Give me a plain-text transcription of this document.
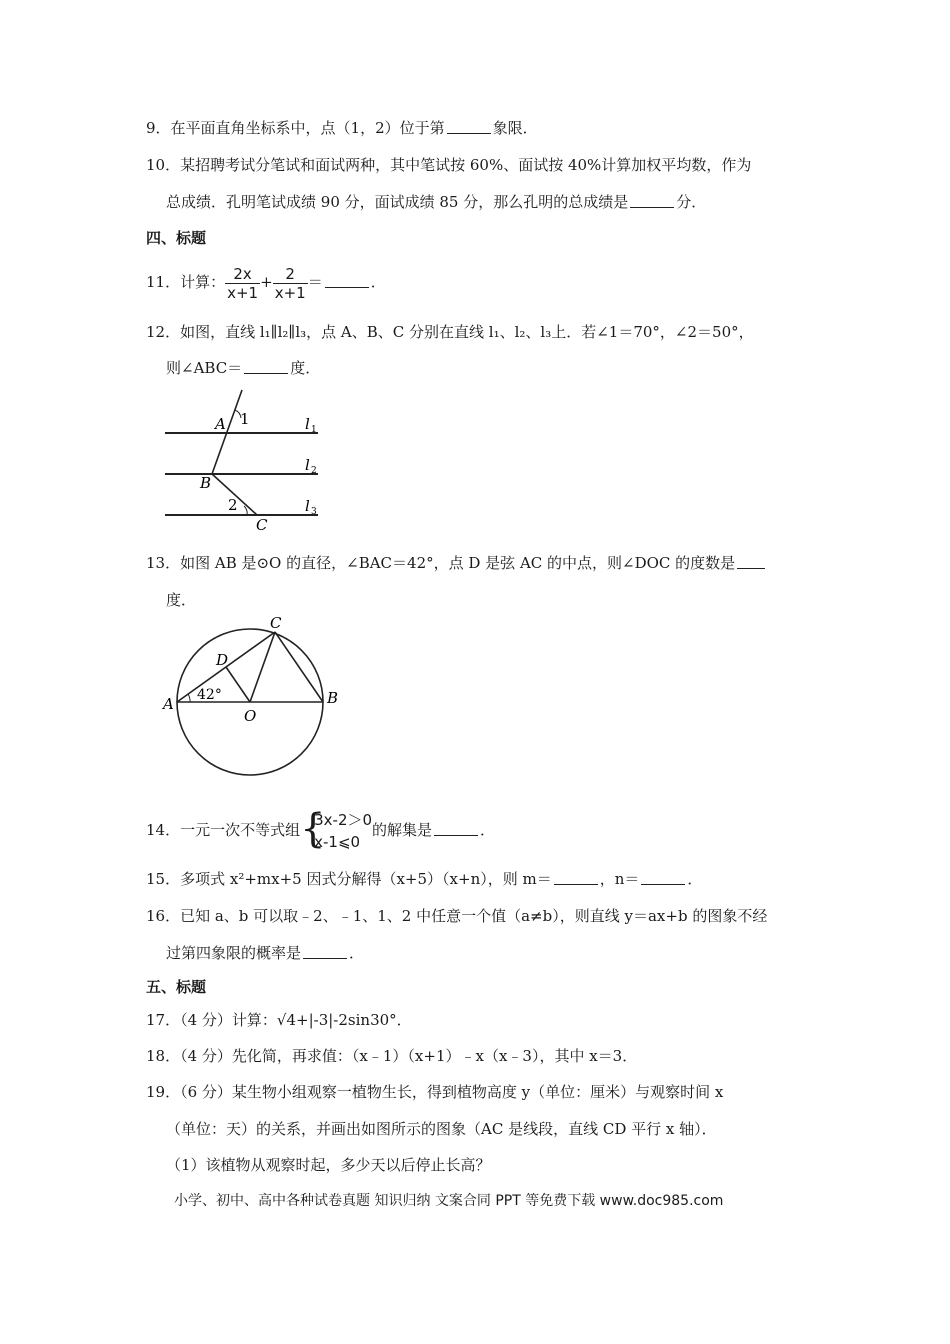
9．在平面直角坐标系中，点（1，2）位于第	象限．
10．某招聘考试分笔试和面试两种，其中笔试按 60%、面试按 40%计算加权平均数，作为
总成绩．孔明笔试成绩 90 分，面试成绩 85 分，那么孔明的总成绩是	分．
四、标题
11．计算： $\frac{2x}{x+1} + \frac{2}{x+1}$ ＝	．
12．如图，直线 l₁∥l₂∥l₃，点 A、B、C 分别在直线 l₁、l₂、l₃上．若∠1＝70°，∠2＝50°，
则∠ABC＝	度．
A 1
B
2
C
l 1
l 2
l 3
13．如图 AB 是⊙O 的直径，∠BAC＝42°，点 D 是弦 AC 的中点，则∠DOC 的度数是
度．
A	B
C
D
O
42°
14．一元一次不等式组 {
3x-2＞0
x-1⩽0
的解集是	．
15．多项式 x²+mx+5 因式分解得（x+5）（x+n），则 m＝	，n＝	．
16．已知 a、b 可以取﹣2、﹣1、1、2 中任意一个值（a≠b），则直线 y＝ax+b 的图象不经
过第四象限的概率是	．
五、标题
17．（4 分）计算：√4+|-3|-2sin30°．
18．（4 分）先化简，再求值：（x﹣1）（x+1）﹣x（x﹣3），其中 x＝3．
19．（6 分）某生物小组观察一植物生长，得到植物高度 y（单位：厘米）与观察时间 x
（单位：天）的关系，并画出如图所示的图象（AC 是线段，直线 CD 平行 x 轴）．
（1）该植物从观察时起，多少天以后停止长高？
小学、初中、高中各种试卷真题 知识归纳 文案合同 PPT 等免费下载 www.doc985.com
